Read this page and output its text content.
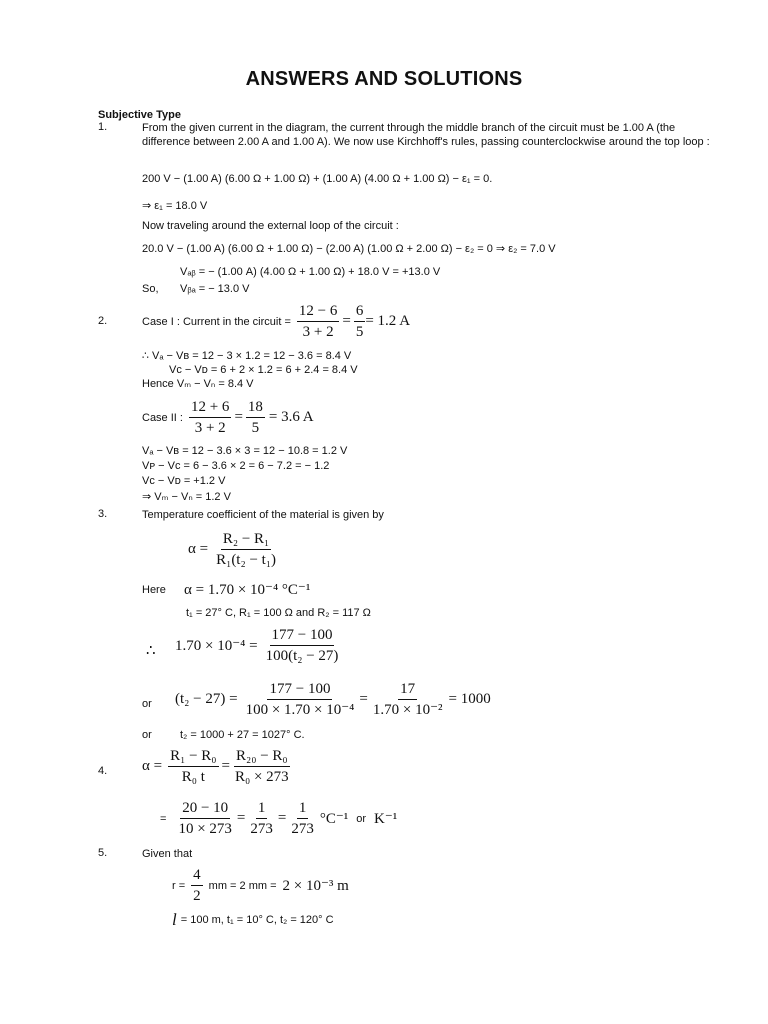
ANSWERS AND SOLUTIONS
Subjective Type
1.	From the given current in the diagram, the current through the middle branch of the circuit must be 1.00 A (the difference between 2.00 A and 1.00 A). We now use Kirchhoff's rules, passing counterclockwise around the top loop :
200 V − (1.00 A) (6.00 Ω + 1.00 Ω) + (1.00 A) (4.00 Ω + 1.00 Ω) − ε₁ = 0.
⇒ ε₁ = 18.0 V
Now traveling around the external loop of the circuit :
20.0 V − (1.00 A) (6.00 Ω + 1.00 Ω) − (2.00 A) (1.00 Ω + 2.00 Ω) − ε₂ = 0 ⇒ ε₂ = 7.0 V
Vₐᵦ = − (1.00 A) (4.00 Ω + 1.00 Ω) + 18.0 V = +13.0 V
So, Vᵦₐ = − 13.0 V
2.	Case I : Current in the circuit = $\frac{12 - 6}{3 + 2} = \frac{6}{5} = 1.2$ A
∴ Vₐ − Vʙ = 12 − 3 × 1.2 = 12 − 3.6 = 8.4 V
Vᴄ − Vᴅ = 6 + 2 × 1.2 = 6 + 2.4 = 8.4 V
Hence Vₘ − Vₙ = 8.4 V
Case II : $\frac{12 + 6}{3 + 2} = \frac{18}{5} = 3.6$ A
Vₐ − Vʙ = 12 − 3.6 × 3 = 12 − 10.8 = 1.2 V
Vᴘ − Vᴄ = 6 − 3.6 × 2 = 6 − 7.2 = − 1.2
Vᴄ − Vᴅ = +1.2 V
⇒ Vₘ − Vₙ = 1.2 V
3.	Temperature coefficient of the material is given by
$\alpha = \frac{\text{R₂ − R₁}}{\text{R₁(t₂ − t₁)}}$
Here α = 1.70 × 10⁻⁴ °C⁻¹
t₁ = 27° C, R₁ = 100 Ω and R₂ = 117 Ω
∴ $1.70 \times 10^{-4} = \frac{177 - 100}{\text{100(t₂ − 27)}}$
or $(t_2 - 27) = \frac{177 - 100}{\text{100 × 1.70 × 10⁻⁴}} = \frac{17}{\text{1.70 × 10⁻²}} = 1000$
or	t₂ = 1000 + 27 = 1027° C.
4. $\alpha = \frac{\text{R₁ − R₀}}{\text{R₀ t}} = \frac{\text{R₂₀ − R₀}}{\text{R₀ × 273}}$
= $\frac{20 - 10}{10 \times 273} = \frac{1}{273} = \frac{1}{273} ^\circ C^{-1}$ or K⁻¹
5.	Given that
$r = \frac{4}{2}$ mm = 2 mm = 2 × 10⁻³ m
l = 100 m, t₁ = 10° C, t₂ = 120° C
